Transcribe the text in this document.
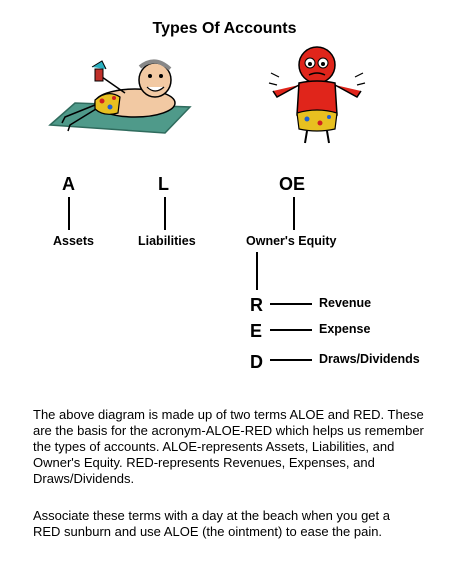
Types Of Accounts
A	L	OE
Assets	Liabilities	Owner's Equity
R	Revenue
E	Expense
D	Draws/Dividends

The above diagram is made up of two terms ALOE and RED. These are the basis for the acronym-ALOE-RED which helps us remember the types of accounts. ALOE-represents Assets, Liabilities, and Owner's Equity. RED-represents Revenues, Expenses, and Draws/Dividends.

Associate these terms with a day at the beach when you get a RED sunburn and use ALOE (the ointment) to ease the pain.
